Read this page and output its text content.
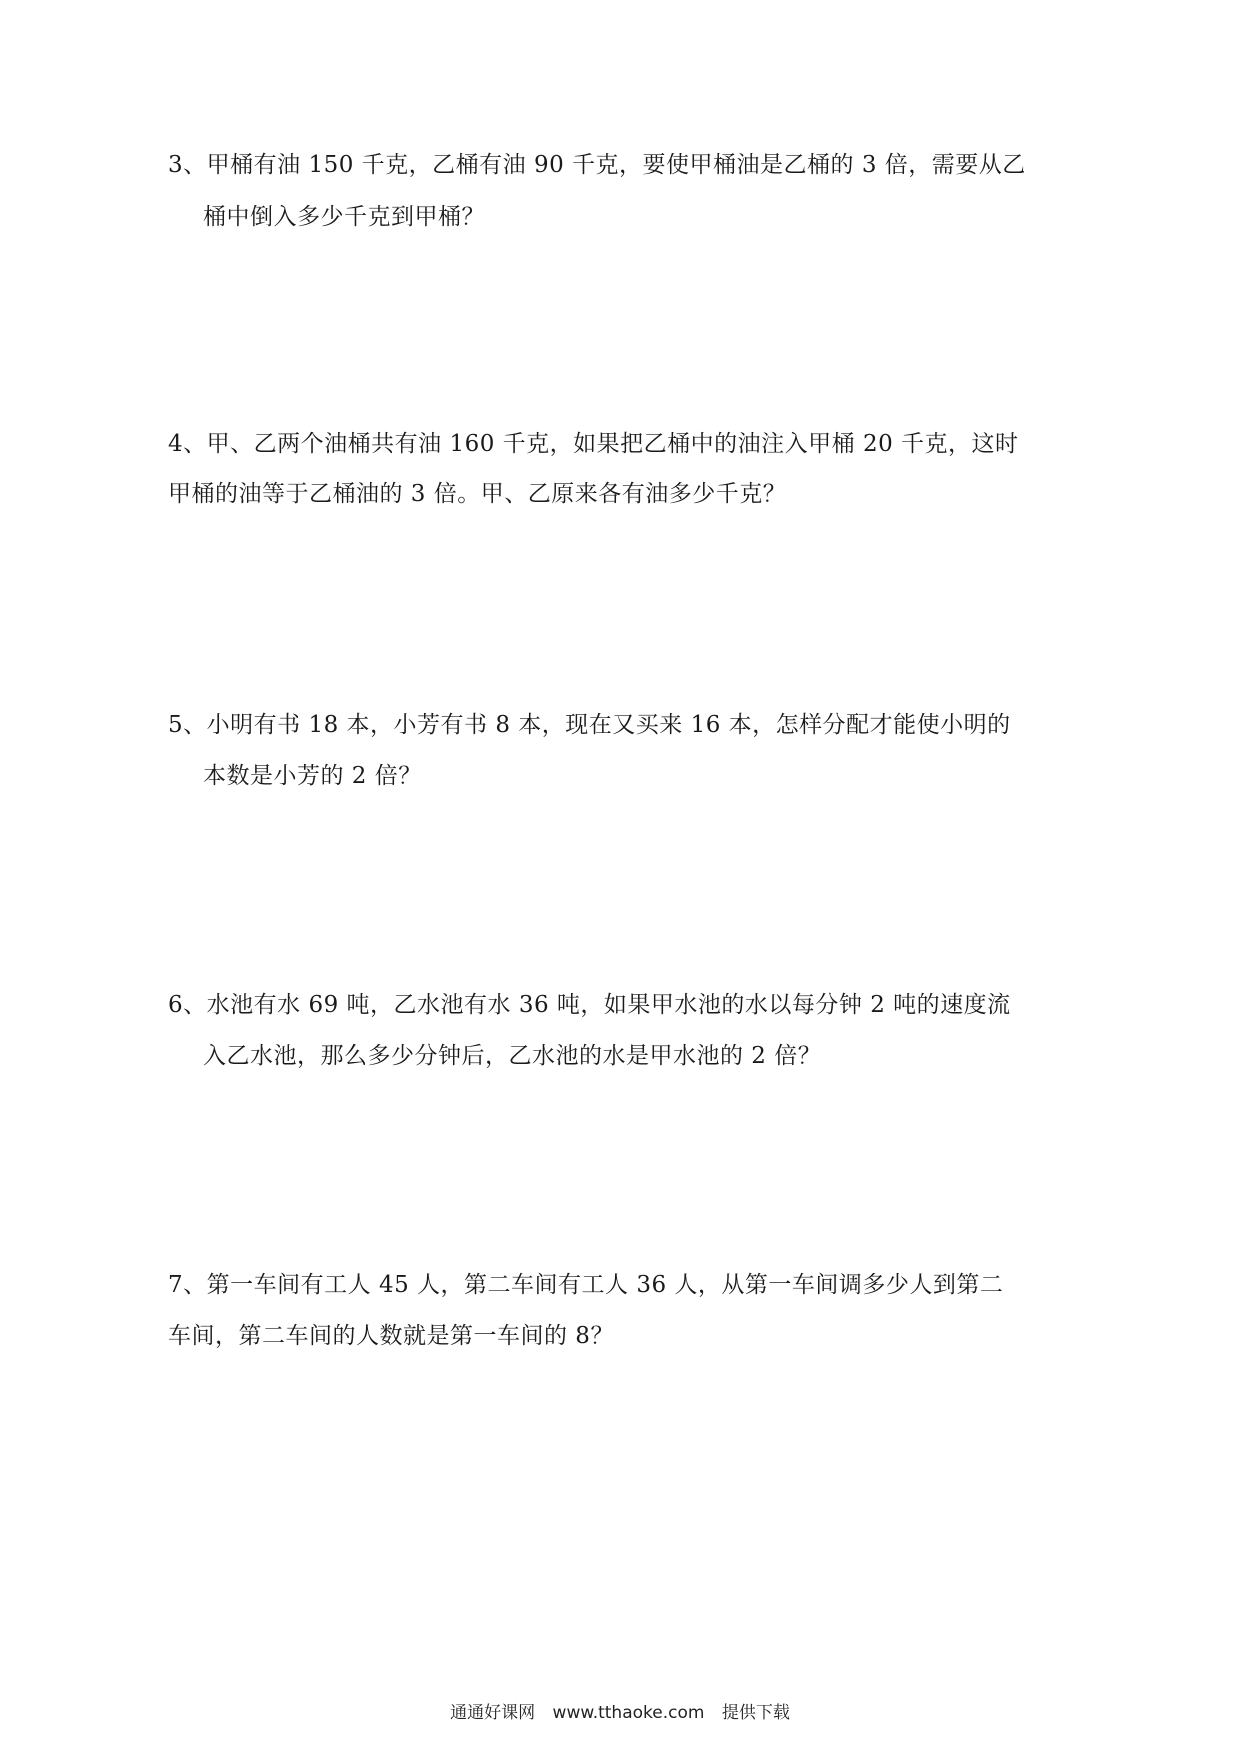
3、甲桶有油 150 千克，乙桶有油 90 千克，要使甲桶油是乙桶的 3 倍，需要从乙
桶中倒入多少千克到甲桶？
4、甲、乙两个油桶共有油 160 千克，如果把乙桶中的油注入甲桶 20 千克，这时
甲桶的油等于乙桶油的 3 倍。甲、乙原来各有油多少千克？
5、小明有书 18 本，小芳有书 8 本，现在又买来 16 本，怎样分配才能使小明的
本数是小芳的 2 倍？
6、水池有水 69 吨，乙水池有水 36 吨，如果甲水池的水以每分钟 2 吨的速度流
入乙水池，那么多少分钟后，乙水池的水是甲水池的 2 倍？
7、第一车间有工人 45 人，第二车间有工人 36 人，从第一车间调多少人到第二
车间，第二车间的人数就是第一车间的 8？
通通好课网 www.tthaoke.com 提供下载
